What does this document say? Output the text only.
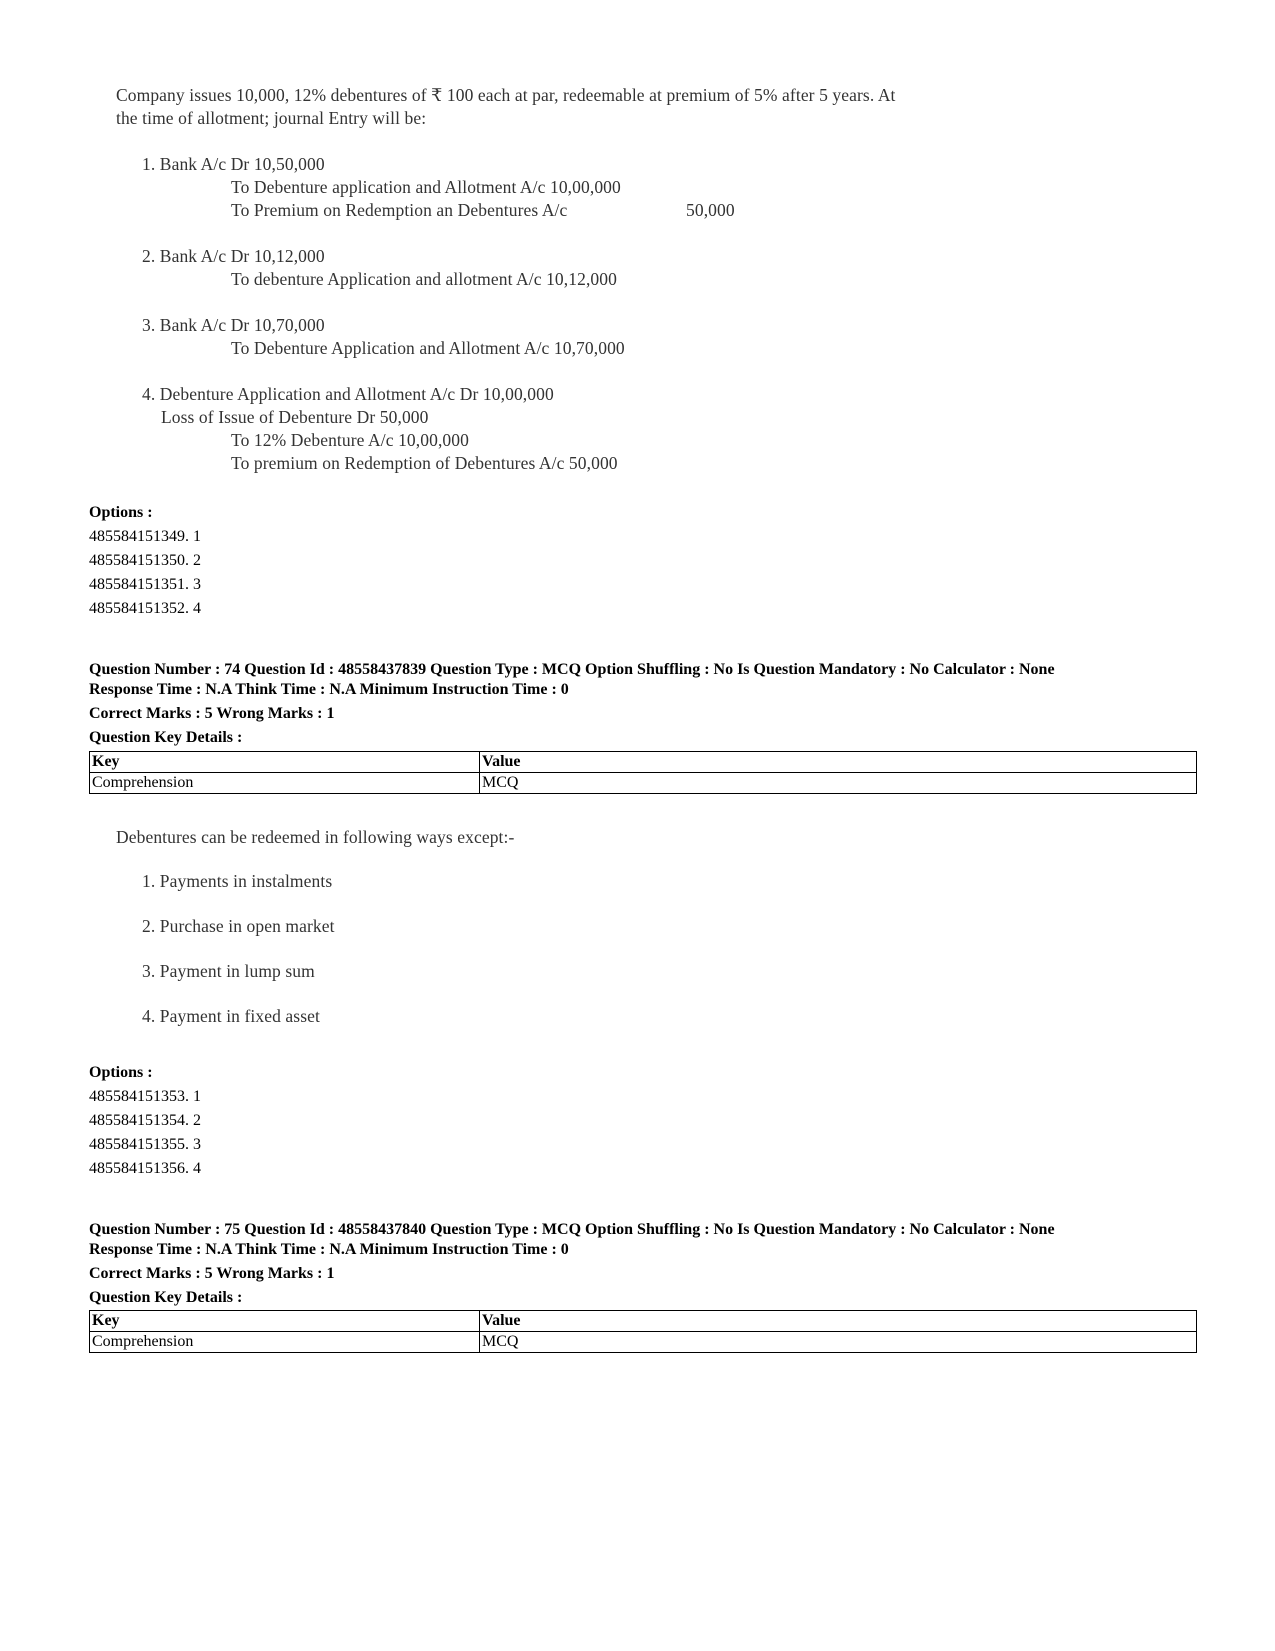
Company issues 10,000, 12% debentures of ₹ 100 each at par, redeemable at premium of 5% after 5 years. At
the time of allotment; journal Entry will be:
1. Bank A/c Dr 10,50,000
To Debenture application and Allotment A/c 10,00,000
To Premium on Redemption an Debentures A/c	50,000
2. Bank A/c Dr 10,12,000
To debenture Application and allotment A/c 10,12,000
3. Bank A/c Dr 10,70,000
To Debenture Application and Allotment A/c 10,70,000
4. Debenture Application and Allotment A/c Dr 10,00,000
Loss of Issue of Debenture Dr 50,000
To 12% Debenture A/c 10,00,000
To premium on Redemption of Debentures A/c 50,000
Options :
485584151349. 1
485584151350. 2
485584151351. 3
485584151352. 4
Question Number : 74 Question Id : 48558437839 Question Type : MCQ Option Shuffling : No Is Question Mandatory : No Calculator : None
Response Time : N.A Think Time : N.A Minimum Instruction Time : 0
Correct Marks : 5 Wrong Marks : 1
Question Key Details :
Key	Value
Comprehension	MCQ
Debentures can be redeemed in following ways except:-
1. Payments in instalments
2. Purchase in open market
3. Payment in lump sum
4. Payment in fixed asset
Options :
485584151353. 1
485584151354. 2
485584151355. 3
485584151356. 4
Question Number : 75 Question Id : 48558437840 Question Type : MCQ Option Shuffling : No Is Question Mandatory : No Calculator : None
Response Time : N.A Think Time : N.A Minimum Instruction Time : 0
Correct Marks : 5 Wrong Marks : 1
Question Key Details :
Key	Value
Comprehension	MCQ
